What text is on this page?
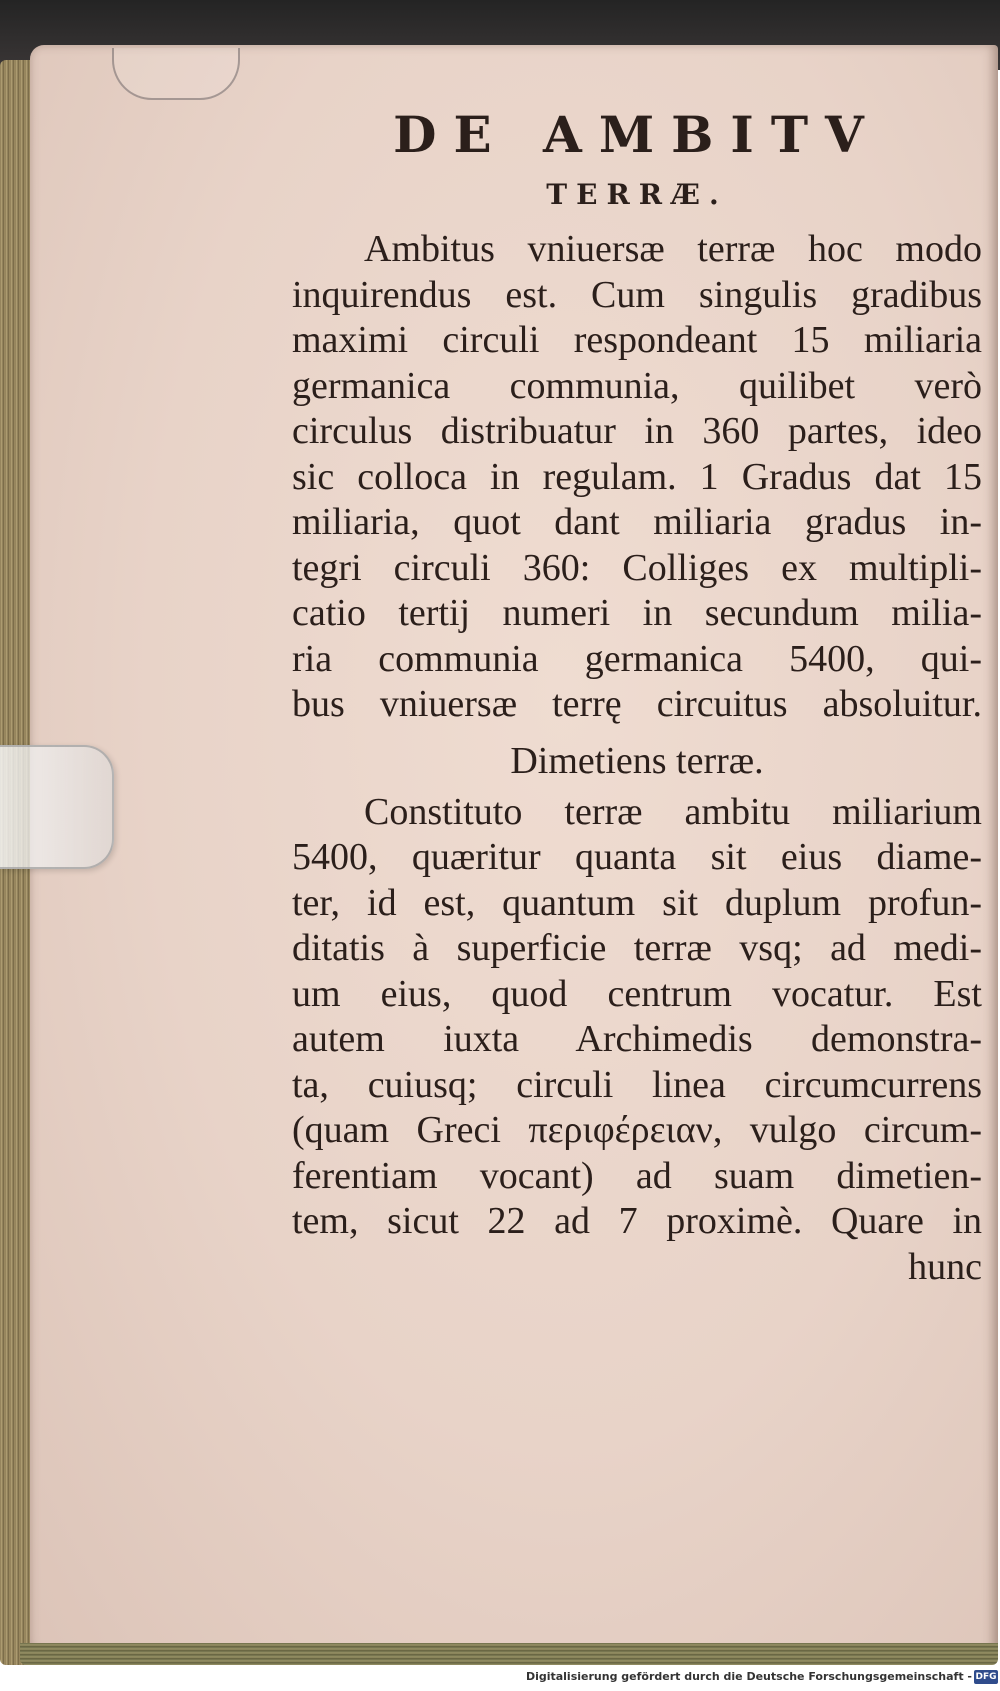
DE AMBITV
TERRÆ.

Ambitus vniuersæ terræ hoc modo
inquirendus est. Cum singulis gradibus
maximi circuli respondeant 15 miliaria
germanica communia, quilibet verò
circulus distribuatur in 360 partes, ideo
sic colloca in regulam. 1 Gradus dat 15
miliaria, quot dant miliaria gradus in-
tegri circuli 360: Colliges ex multipli-
catio tertij numeri in secundum milia-
ria communia germanica 5400, qui-
bus vniuersæ terrę circuitus absoluitur.

Dimetiens terræ.

Constituto terræ ambitu miliarium
5400, quæritur quanta sit eius diame-
ter, id est, quantum sit duplum profun-
ditatis à superficie terræ vsq; ad medi-
um eius, quod centrum vocatur. Est
autem iuxta Archimedis demonstra-
ta, cuiusq; circuli linea circumcurrens
(quam Greci περιφέρειαν, vulgo circum-
ferentiam vocant) ad suam dimetien-
tem, sicut 22 ad 7 proximè. Quare in
hunc

Digitalisierung gefördert durch die Deutsche Forschungsgemeinschaft - DFG
